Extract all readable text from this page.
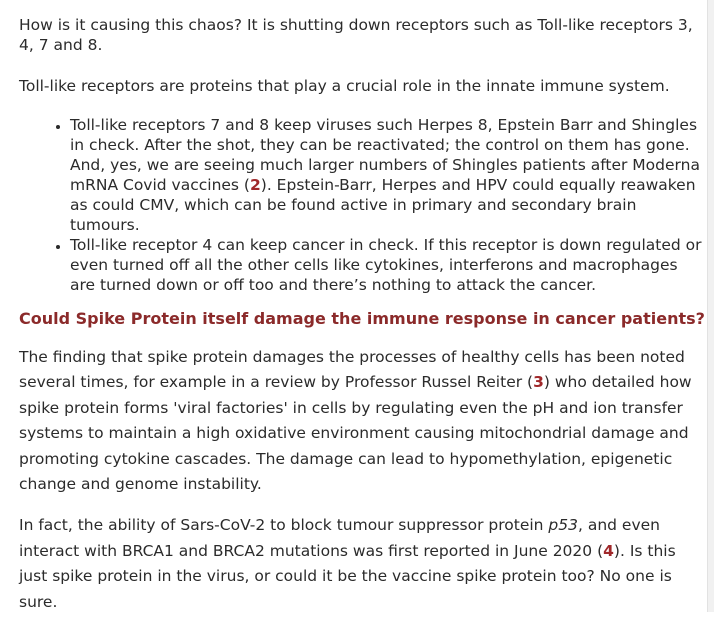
How is it causing this chaos? It is shutting down receptors such as Toll-like receptors 3, 4, 7 and 8.

Toll-like receptors are proteins that play a crucial role in the innate immune system.

• Toll-like receptors 7 and 8 keep viruses such Herpes 8, Epstein Barr and Shingles in check. After the shot, they can be reactivated; the control on them has gone. And, yes, we are seeing much larger numbers of Shingles patients after Moderna mRNA Covid vaccines (2). Epstein-Barr, Herpes and HPV could equally reawaken as could CMV, which can be found active in primary and secondary brain tumours.
• Toll-like receptor 4 can keep cancer in check. If this receptor is down regulated or even turned off all the other cells like cytokines, interferons and macrophages are turned down or off too and there’s nothing to attack the cancer.
Could Spike Protein itself damage the immune response in cancer patients?

The finding that spike protein damages the processes of healthy cells has been noted several times, for example in a review by Professor Russel Reiter (3) who detailed how spike protein forms 'viral factories' in cells by regulating even the pH and ion transfer systems to maintain a high oxidative environment causing mitochondrial damage and promoting cytokine cascades. The damage can lead to hypomethylation, epigenetic change and genome instability.

In fact, the ability of Sars-CoV-2 to block tumour suppressor protein p53, and even interact with BRCA1 and BRCA2 mutations was first reported in June 2020 (4). Is this just spike protein in the virus, or could it be the vaccine spike protein too? No one is sure.
